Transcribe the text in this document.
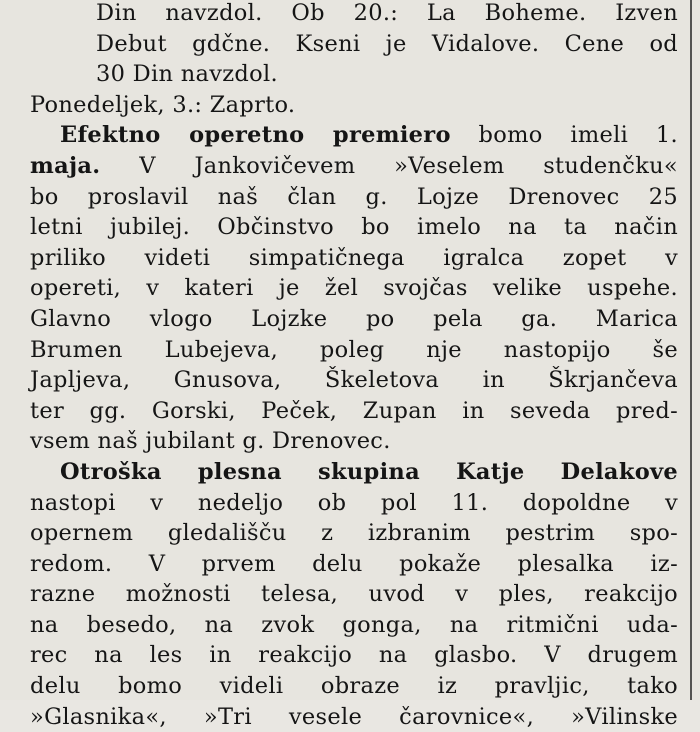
Din navzdol. Ob 20.: La Boheme. Izven
Debut gdčne. Kseni je Vidalove. Cene od
30 Din navzdol.
Ponedeljek, 3.: Zaprto.
Efektno operetno premiero bomo imeli 1.
maja. V Jankovičevem »Veselem studenčku«
bo proslavil naš član g. Lojze Drenovec 25
letni jubilej. Občinstvo bo imelo na ta način
priliko videti simpatičnega igralca zopet v
opereti, v kateri je žel svojčas velike uspehe.
Glavno vlogo Lojzke po pela ga. Marica
Brumen Lubejeva, poleg nje nastopijo še
Japljeva, Gnusova, Škeletova in Škrjančeva
ter gg. Gorski, Peček, Zupan in seveda pred-
vsem naš jubilant g. Drenovec.
Otroška plesna skupina Katje Delakove
nastopi v nedeljo ob pol 11. dopoldne v
opernem gledališču z izbranim pestrim spo-
redom. V prvem delu pokaže plesalka iz-
razne možnosti telesa, uvod v ples, reakcijo
na besedo, na zvok gonga, na ritmični uda-
rec na les in reakcijo na glasbo. V drugem
delu bomo videli obraze iz pravljic, tako
»Glasnika«, »Tri vesele čarovnice«, »Vilinske
